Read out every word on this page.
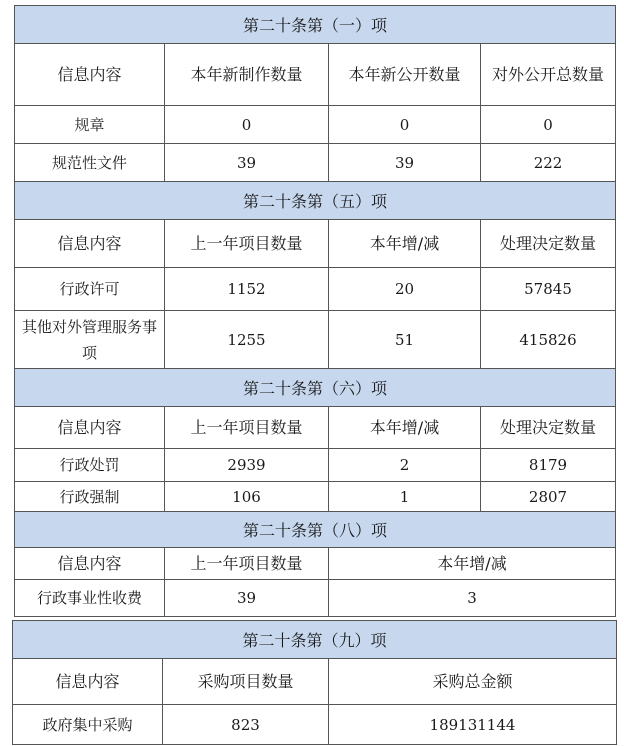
第二十条第（一）项			
信息内容	本年新制作数量	本年新公开数量	对外公开总数量
规章	0	0	0
规范性文件	39	39	222
第二十条第（五）项			
信息内容	上一年项目数量	本年增/减	处理决定数量
行政许可	1152	20	57845
其他对外管理服务事项	1255	51	415826
第二十条第（六）项			
信息内容	上一年项目数量	本年增/减	处理决定数量
行政处罚	2939	2	8179
行政强制	106	1	2807
第二十条第（八）项			
信息内容	上一年项目数量	本年增/减	
行政事业性收费	39	3	
第二十条第（九）项		
信息内容	采购项目数量	采购总金额
政府集中采购	823	189131144
